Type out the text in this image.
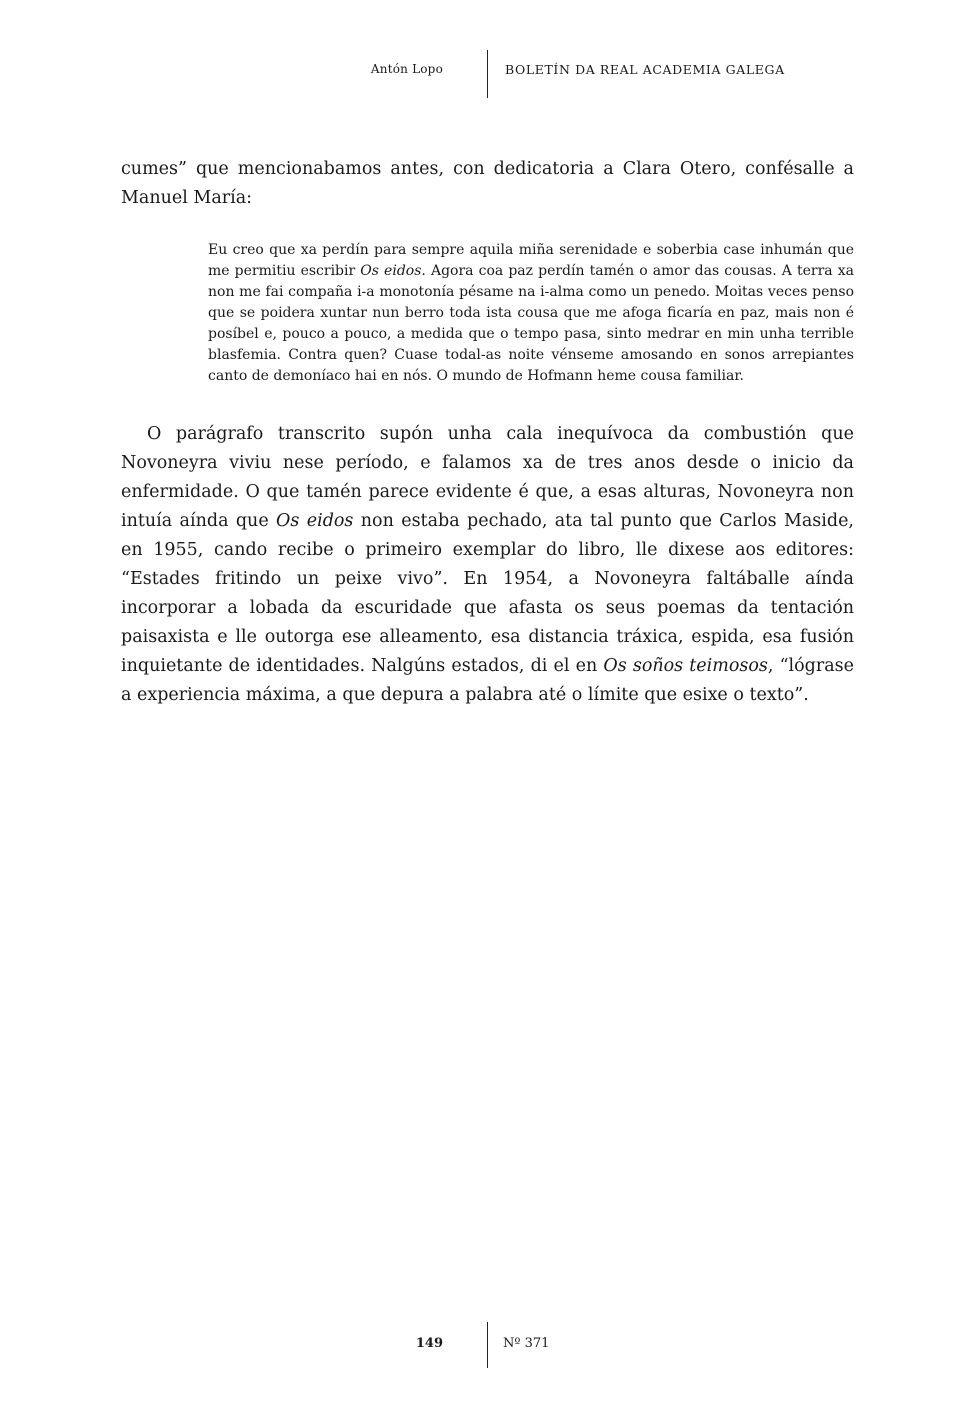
Antón Lopo	BOLETÍN DA REAL ACADEMIA GALEGA

cumes” que mencionabamos antes, con dedicatoria a Clara Otero, confésalle a Manuel María:

Eu creo que xa perdín para sempre aquila miña serenidade e soberbia case inhumán que me permitiu escribir Os eidos. Agora coa paz perdín tamén o amor das cousas. A terra xa non me fai compaña i-a monotonía pésame na i-alma como un penedo. Moitas veces penso que se poidera xuntar nun berro toda ista cousa que me afoga ficaría en paz, mais non é posíbel e, pouco a pouco, a medida que o tempo pasa, sinto medrar en min unha terrible blasfemia. Contra quen? Cuase todal-as noite vénseme amosando en sonos arrepiantes canto de demoníaco hai en nós. O mundo de Hofmann heme cousa familiar.

O parágrafo transcrito supón unha cala inequívoca da combustión que Novoneyra viviu nese período, e falamos xa de tres anos desde o inicio da enfermidade. O que tamén parece evidente é que, a esas alturas, Novoneyra non intuía aínda que Os eidos non estaba pechado, ata tal punto que Carlos Maside, en 1955, cando recibe o primeiro exemplar do libro, lle dixese aos editores: “Estades fritindo un peixe vivo”. En 1954, a Novoneyra faltáballe aínda incorporar a lobada da escuridade que afasta os seus poemas da tentación paisaxista e lle outorga ese alleamento, esa distancia tráxica, espida, esa fusión inquietante de identidades. Nalgúns estados, di el en Os soños teimosos, “lógrase a experiencia máxima, a que depura a palabra até o límite que esixe o texto”.

149	Nº 371
